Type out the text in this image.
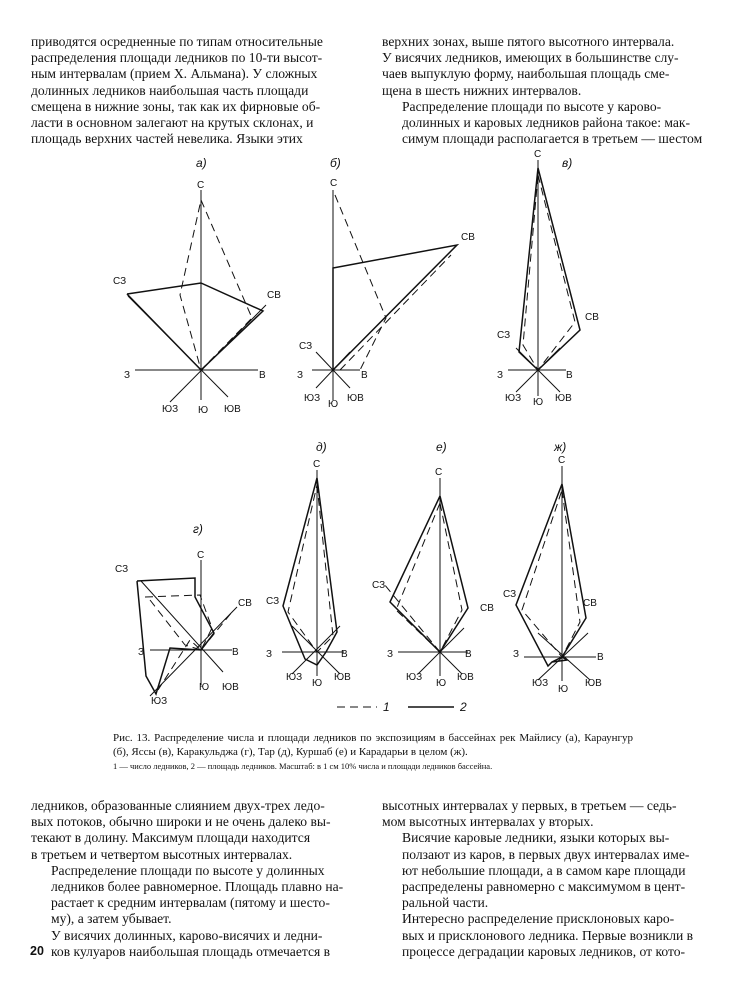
приводятся осредненные по типам относительные
распределения площади ледников по 10-ти высот-
ным интервалам (прием Х. Альмана). У сложных
долинных ледников наибольшая часть площади
смещена в нижние зоны, так как их фирновые об-
ласти в основном залегают на крутых склонах, и
площадь верхних частей невелика. Языки этих
верхних зонах, выше пятого высотного интервала.
У висячих ледников, имеющих в большинстве слу-
чаев выпуклую форму, наибольшая площадь сме-
щена в шесть нижних интервалов.
Распределение площади по высоте у карово-
долинных и каровых ледников района такое: мак-
симум площади располагается в третьем — шестом
а)	б)	в)
г)
д)	е)	ж)
С
СЗ
СВ
З	В
ЮЗ Ю ЮВ
С
СВ
СЗ
З	В
ЮЗ
Ю
ЮВ
С
СВ
СЗ
З	В
ЮЗ Ю ЮВ
С
СЗ
СВ
З	В
Ю ЮВ
ЮЗ
С
СЗ
З	В
ЮЗ
Ю
ЮВ
С
СЗ
СВ
З	В
ЮЗ
Ю
ЮВ
С
СЗ
СВ
З	В
ЮЗ
Ю
ЮВ
1	2
Рис. 13. Распределение числа и площади ледников по экспозициям в бассейнах рек Майлису (а), Караунгур (б), Яссы (в), Каракульджа (г), Тар (д), Куршаб (е) и Карадарьи в целом (ж).
1 — число ледников, 2 — площадь ледников. Масштаб: в 1 см 10% числа и площади ледников бассейна.
ледников, образованные слиянием двух-трех ледо-
вых потоков, обычно широки и не очень далеко вы-
текают в долину. Максимум площади находится
в третьем и четвертом высотных интервалах.
Распределение площади по высоте у долинных
ледников более равномерное. Площадь плавно на-
растает к средним интервалам (пятому и шесто-
му), а затем убывает.
У висячих долинных, карово-висячих и ледни-
ков кулуаров наибольшая площадь отмечается в
высотных интервалах у первых, в третьем — седь-
мом высотных интервалах у вторых.
Висячие каровые ледники, языки которых вы-
ползают из каров, в первых двух интервалах име-
ют небольшие площади, а в самом каре площади
распределены равномерно с максимумом в цент-
ральной части.
Интересно распределение присклоновых каро-
вых и присклонового ледника. Первые возникли в
процессе деградации каровых ледников, от кото-
20
